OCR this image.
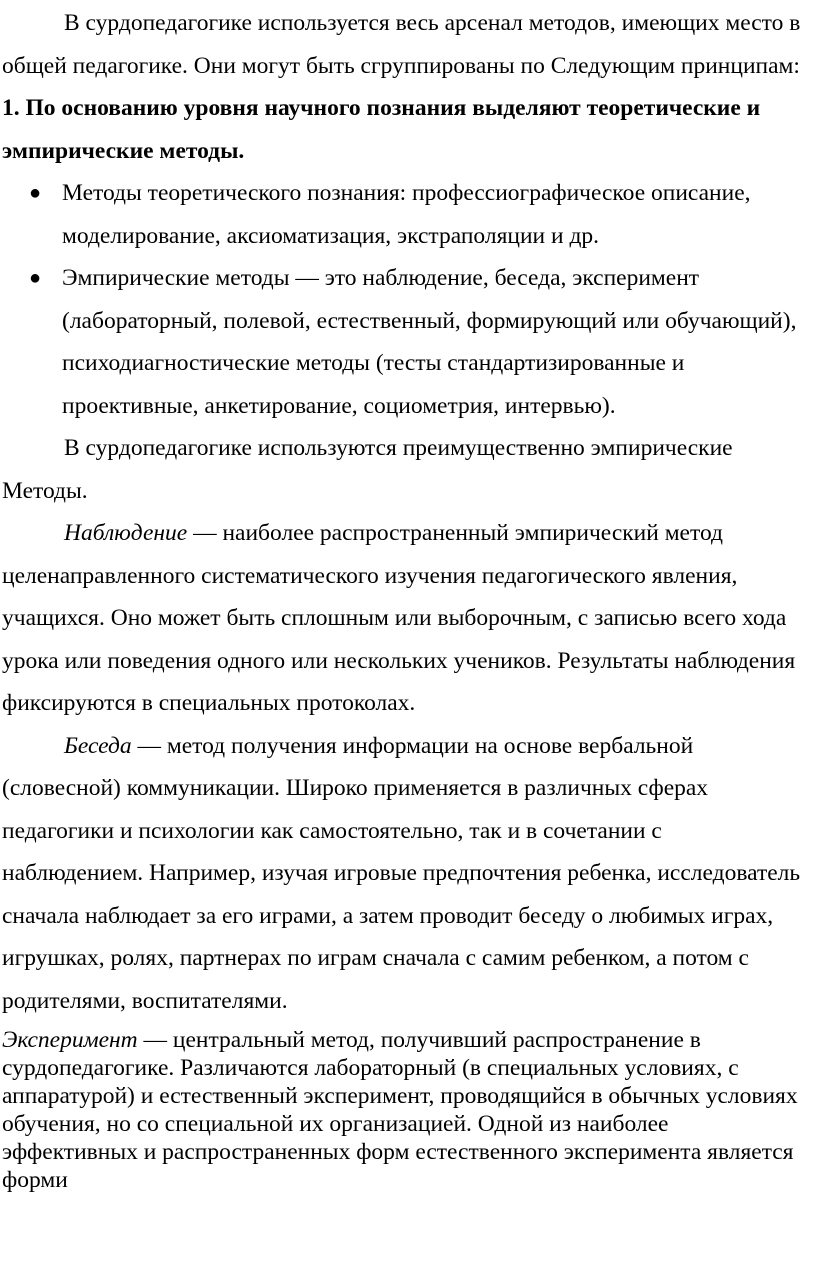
В сурдопедагогике используется весь арсенал методов, имеющих место в общей педагогике. Они могут быть сгруппированы по Следующим принципам:

1. По основанию уровня научного познания выделяют теоретические и эмпирические методы.

● Методы теоретического познания: профессиографическое описание, моделирование, аксиоматизация, экстраполяции и др.
● Эмпирические методы — это наблюдение, беседа, эксперимент (лабораторный, полевой, естественный, формирующий или обучающий), психодиагностические методы (тесты стандартизированные и проективные, анкетирование, социометрия, интервью).

В сурдопедагогике используются преимущественно эмпирические Методы.

Наблюдение — наиболее распространенный эмпирический метод целенаправленного систематического изучения педагогического явления, учащихся. Оно может быть сплошным или выборочным, с записью всего хода урока или поведения одного или нескольких учеников. Результаты наблюдения фиксируются в специальных протоколах.

Беседа — метод получения информации на основе вербальной (словесной) коммуникации. Широко применяется в различных сферах педагогики и психологии как самостоятельно, так и в сочетании с наблюдением. Например, изучая игровые предпочтения ребенка, исследователь сначала наблюдает за его играми, а затем проводит беседу о любимых играх, игрушках, ролях, партнерах по играм сначала с самим ребенком, а потом с родителями, воспитателями.

Эксперимент — центральный метод, получивший распространение в сурдопедагогике. Различаются лабораторный (в специальных условиях, с аппаратурой) и естественный эксперимент, проводящийся в обычных условиях обучения, но со специальной их организацией. Одной из наиболее эффективных и распространенных форм естественного эксперимента является форми
